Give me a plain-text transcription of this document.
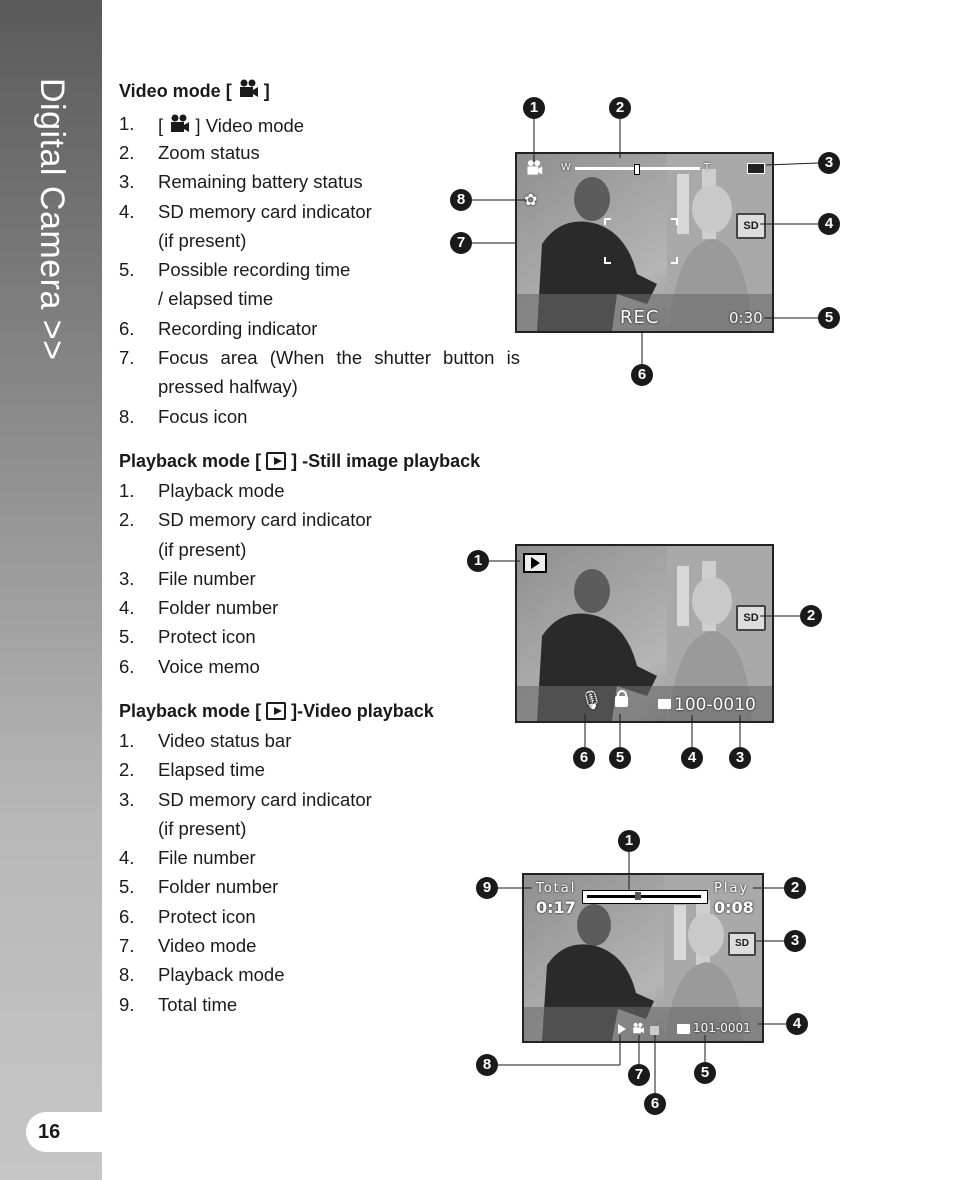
Digital Camera >>
16
Video mode [ ]
1. [ ] Video mode
2. Zoom status
3. Remaining battery status
4. SD memory card indicator
(if present)
5. Possible recording time
/ elapsed time
6. Recording indicator
7. Focus area (When the shutter button is pressed halfway)
8. Focus icon
W	T
✿
SD
REC	0:30
Playback mode [ ] -Still image playback
1. Playback mode
2. SD memory card indicator
(if present)
3. File number
4. Folder number
5. Protect icon
6. Voice memo
SD
🎙	100-0010
Playback mode [ ]-Video playback
1. Video status bar
2. Elapsed time
3. SD memory card indicator
(if present)
4. File number
5. Folder number
6. Protect icon
7. Video mode
8. Playback mode
9. Total time
Total
0:17
Play
0:08
SD
101-0001
1	2
3
4
5
6
7
8
1
2
6	5	4	3
1
9	2
3
4
8
7	5
6
